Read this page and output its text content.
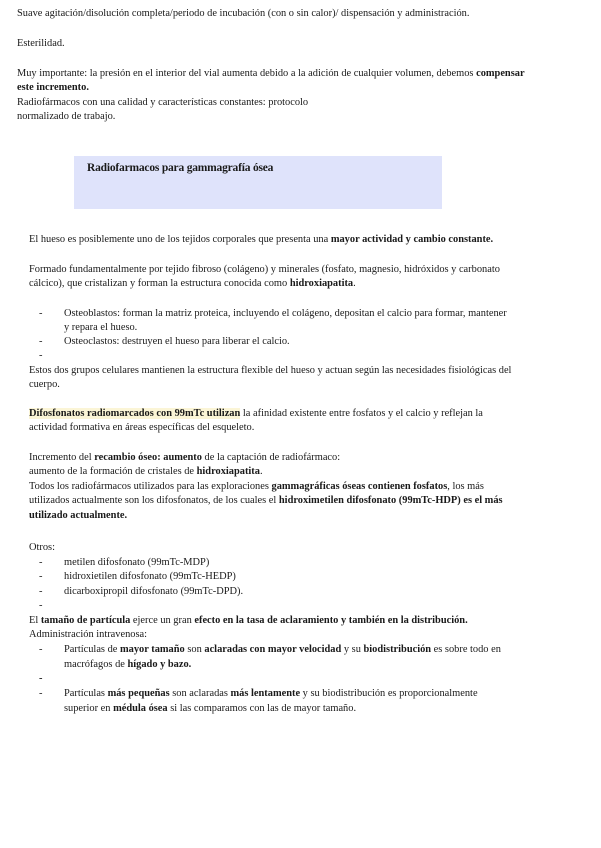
Suave agitación/disolución completa/periodo de incubación (con o sin calor)/ dispensación y administración.

Esterilidad.

Muy importante: la presión en el interior del vial aumenta debido a la adición de cualquier volumen, debemos compensar

este incremento.

Radiofármacos con una calidad y características constantes: protocolo

normalizado de trabajo.

Radiofarmacos para gammagrafía ósea

El hueso es posiblemente uno de los tejidos corporales que presenta una mayor actividad y cambio constante.

Formado fundamentalmente por tejido fibroso (colágeno) y minerales (fosfato, magnesio, hidróxidos y carbonato

cálcico), que cristalizan y forman la estructura conocida como hidroxiapatita.

- Osteoblastos: forman la matriz proteica, incluyendo el colágeno, depositan el calcio para formar, mantener

y repara el hueso.

- Osteoclastos: destruyen el hueso para liberar el calcio.

-

Estos dos grupos celulares mantienen la estructura flexible del hueso y actuan según las necesidades fisiológicas del

cuerpo.

Difosfonatos radiomarcados con 99mTc utilizan la afinidad existente entre fosfatos y el calcio y reflejan la

actividad formativa en áreas específicas del esqueleto.

Incremento del recambio óseo: aumento de la captación de radiofármaco:

aumento de la formación de cristales de hidroxiapatita.

Todos los radiofármacos utilizados para las exploraciones gammagráficas óseas contienen fosfatos, los más

utilizados actualmente son los difosfonatos, de los cuales el hidroximetilen difosfonato (99mTc-HDP) es el más

utilizado actualmente.

Otros:

- metilen difosfonato (99mTc-MDP)

- hidroxietilen difosfonato (99mTc-HEDP)

- dicarboxipropil difosfonato (99mTc-DPD).

-

El tamaño de partícula ejerce un gran efecto en la tasa de aclaramiento y también en la distribución.

Administración intravenosa:

- Partículas de mayor tamaño son aclaradas con mayor velocidad y su biodistribución es sobre todo en

macrófagos de hígado y bazo.

-
- Partículas más pequeñas son aclaradas más lentamente y su biodistribución es proporcionalmente

superior en médula ósea si las comparamos con las de mayor tamaño.
